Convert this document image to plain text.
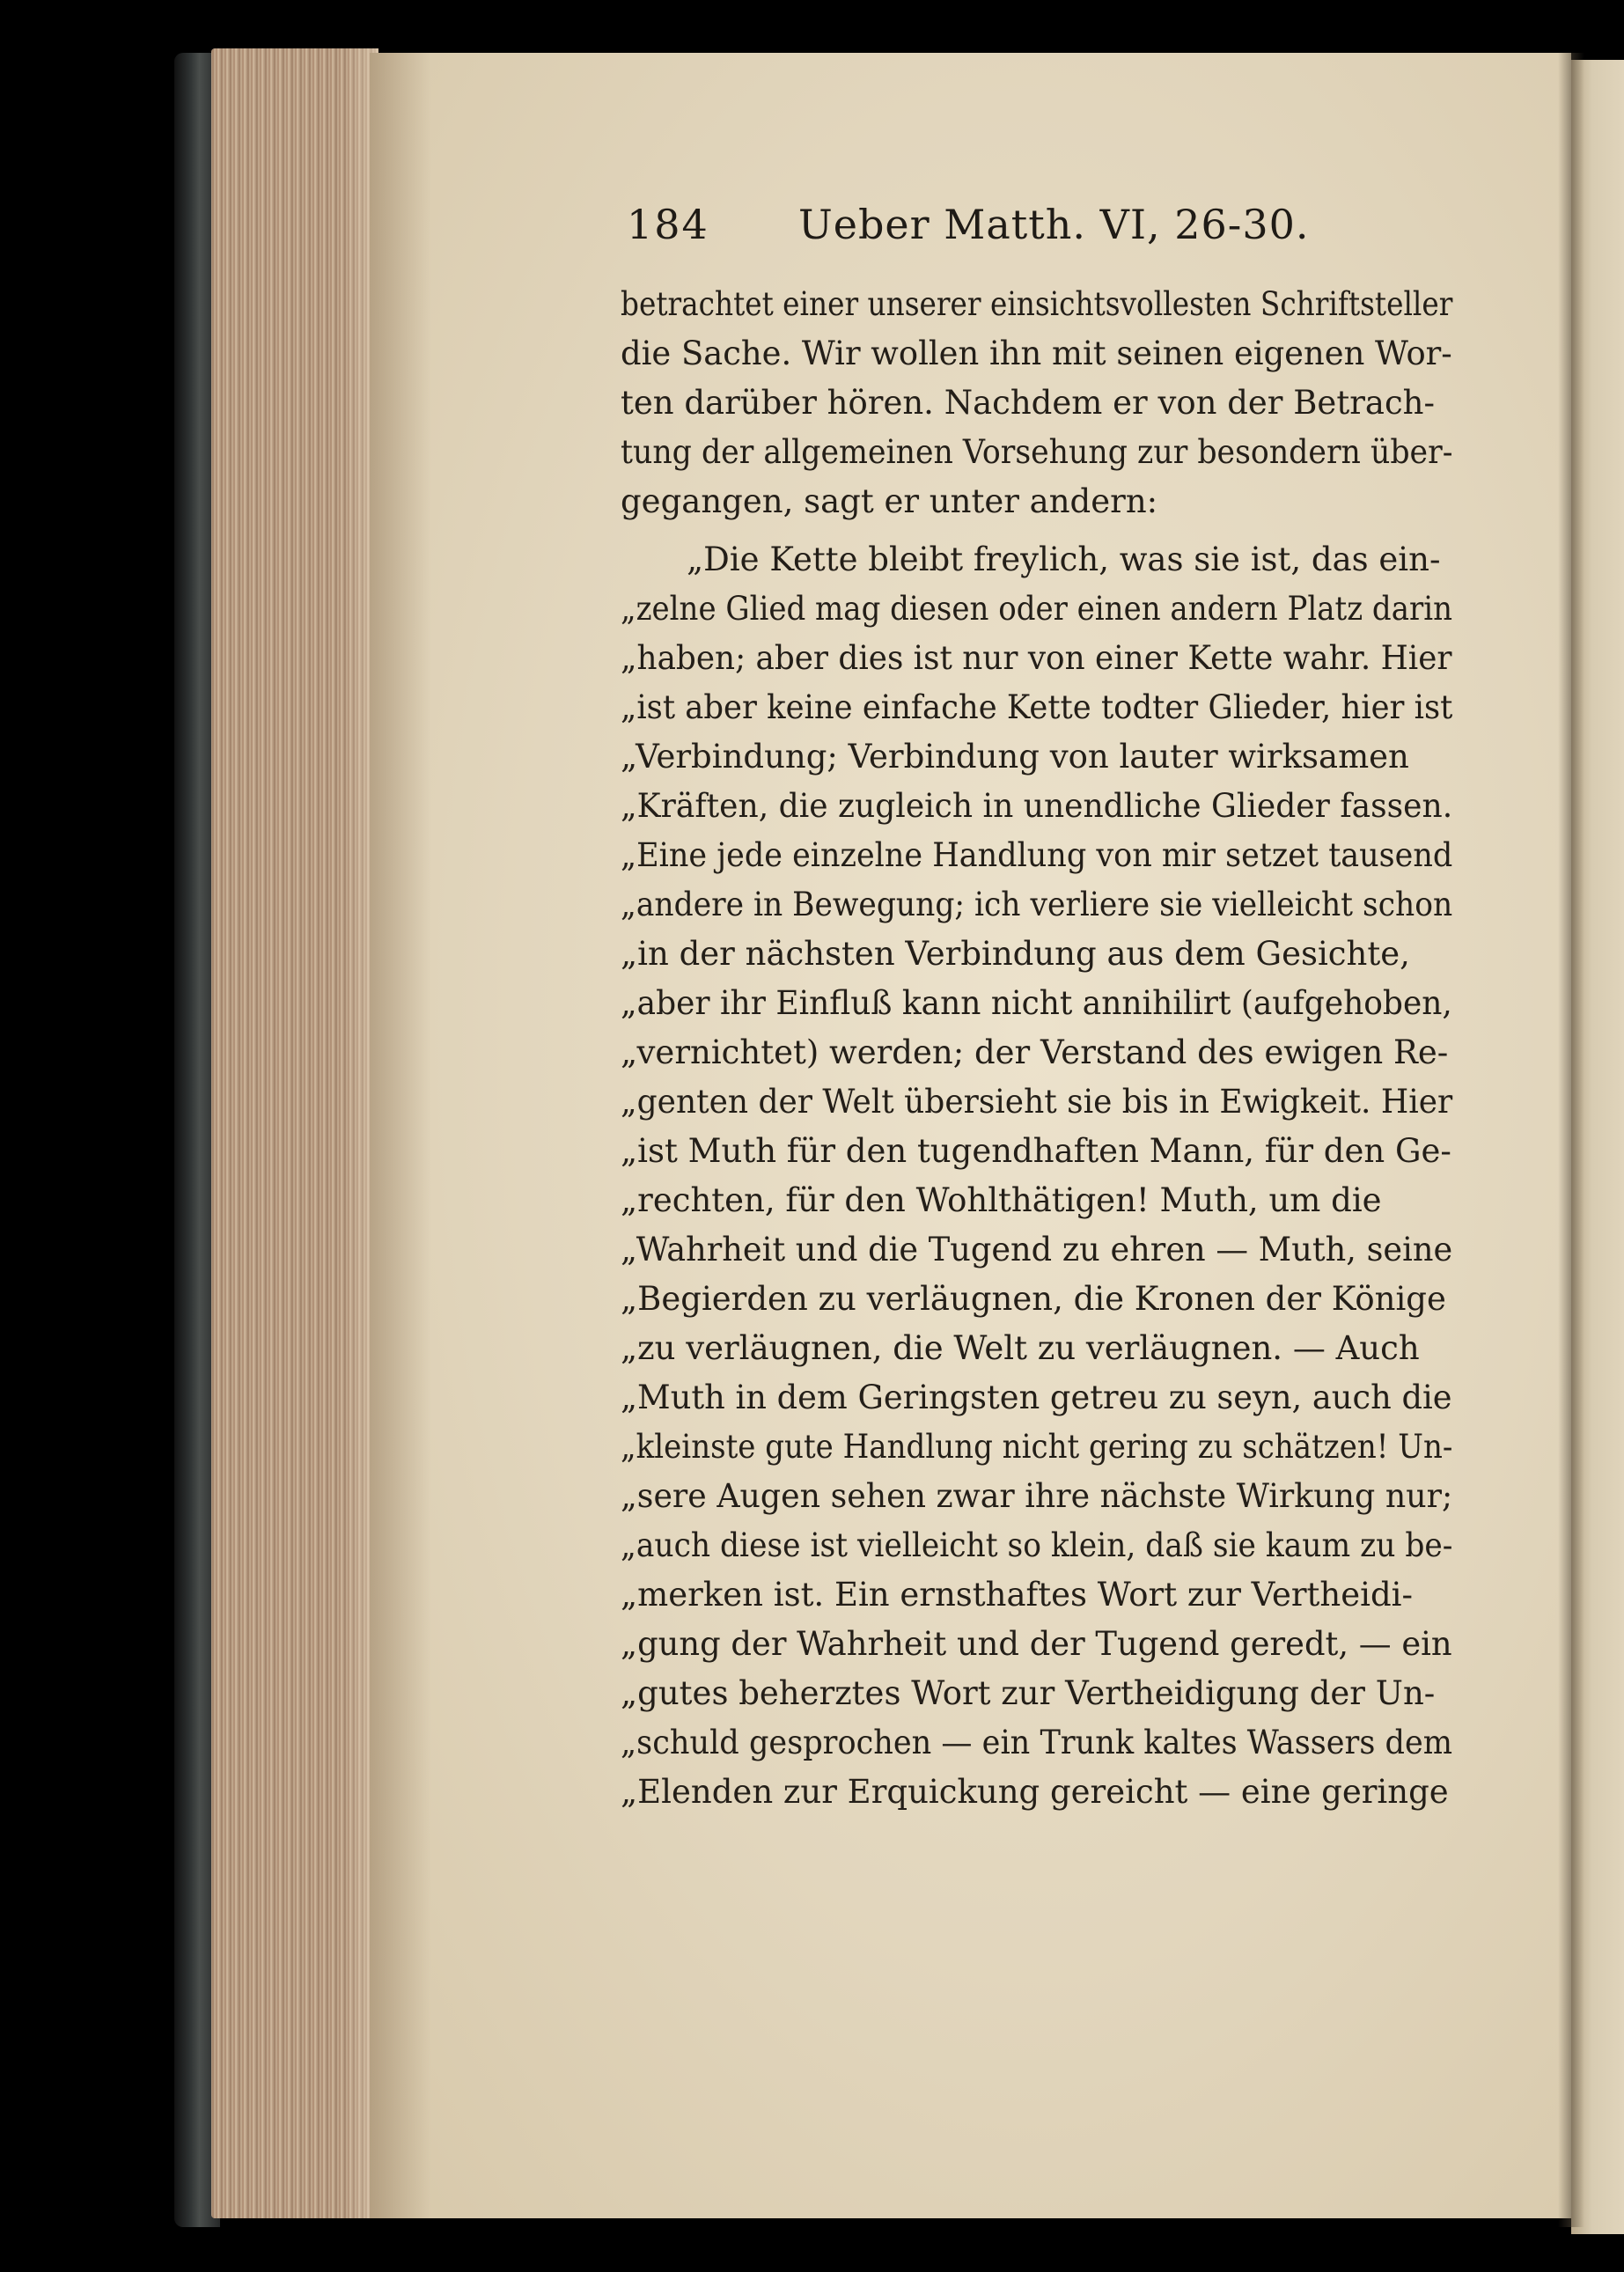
184 Ueber Matth. VI, 26-30.
betrachtet einer unserer einsichtsvollesten Schriftsteller
die Sache. Wir wollen ihn mit seinen eigenen Wor-
ten darüber hören. Nachdem er von der Betrach-
tung der allgemeinen Vorsehung zur besondern über-
gegangen, sagt er unter andern:
„Die Kette bleibt freylich, was sie ist, das ein-
„zelne Glied mag diesen oder einen andern Platz darin
„haben; aber dies ist nur von einer Kette wahr. Hier
„ist aber keine einfache Kette todter Glieder, hier ist
„Verbindung; Verbindung von lauter wirksamen
„Kräften, die zugleich in unendliche Glieder fassen.
„Eine jede einzelne Handlung von mir setzet tausend
„andere in Bewegung; ich verliere sie vielleicht schon
„in der nächsten Verbindung aus dem Gesichte,
„aber ihr Einfluß kann nicht annihilirt (aufgehoben,
„vernichtet) werden; der Verstand des ewigen Re-
„genten der Welt übersieht sie bis in Ewigkeit. Hier
„ist Muth für den tugendhaften Mann, für den Ge-
„rechten, für den Wohlthätigen! Muth, um die
„Wahrheit und die Tugend zu ehren — Muth, seine
„Begierden zu verläugnen, die Kronen der Könige
„zu verläugnen, die Welt zu verläugnen. — Auch
„Muth in dem Geringsten getreu zu seyn, auch die
„kleinste gute Handlung nicht gering zu schätzen! Un-
„sere Augen sehen zwar ihre nächste Wirkung nur;
„auch diese ist vielleicht so klein, daß sie kaum zu be-
„merken ist. Ein ernsthaftes Wort zur Vertheidi-
„gung der Wahrheit und der Tugend geredt, — ein
„gutes beherztes Wort zur Vertheidigung der Un-
„schuld gesprochen — ein Trunk kaltes Wassers dem
„Elenden zur Erquickung gereicht — eine geringe
